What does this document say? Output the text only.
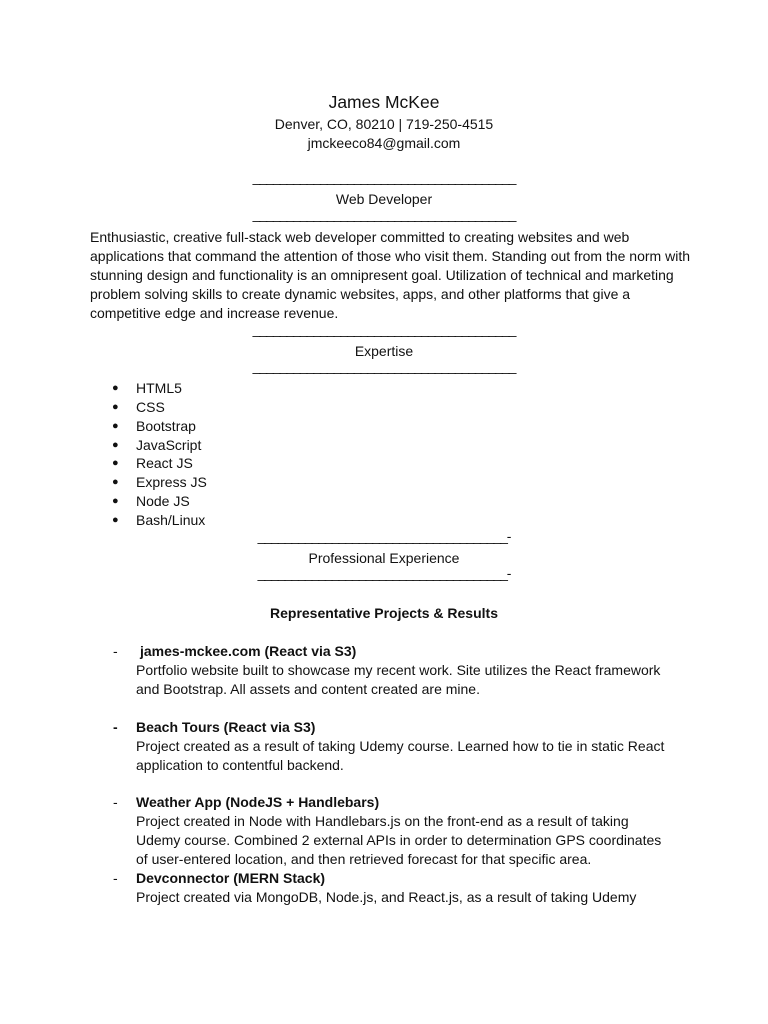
James McKee
Denver, CO, 80210 | 719-250-4515
jmckeeco84@gmail.com
_______________________________________
Web Developer
_______________________________________

Enthusiastic, creative full-stack web developer committed to creating websites and web applications that command the attention of those who visit them. Standing out from the norm with stunning design and functionality is an omnipresent goal. Utilization of technical and marketing problem solving skills to create dynamic websites, apps, and other platforms that give a competitive edge and increase revenue.

_______________________________________
Expertise
_______________________________________
● HTML5
● CSS
● Bootstrap
● JavaScript
● React JS
● Express JS
● Node JS
● Bash/Linux
_____________________________________-
Professional Experience
_____________________________________-
Representative Projects & Results
- james-mckee.com (React via S3)
Portfolio website built to showcase my recent work. Site utilizes the React framework and Bootstrap. All assets and content created are mine.
- Beach Tours (React via S3)
Project created as a result of taking Udemy course. Learned how to tie in static React application to contentful backend.
- Weather App (NodeJS + Handlebars)
Project created in Node with Handlebars.js on the front-end as a result of taking Udemy course. Combined 2 external APIs in order to determination GPS coordinates of user-entered location, and then retrieved forecast for that specific area.
- Devconnector (MERN Stack)
Project created via MongoDB, Node.js, and React.js, as a result of taking Udemy
